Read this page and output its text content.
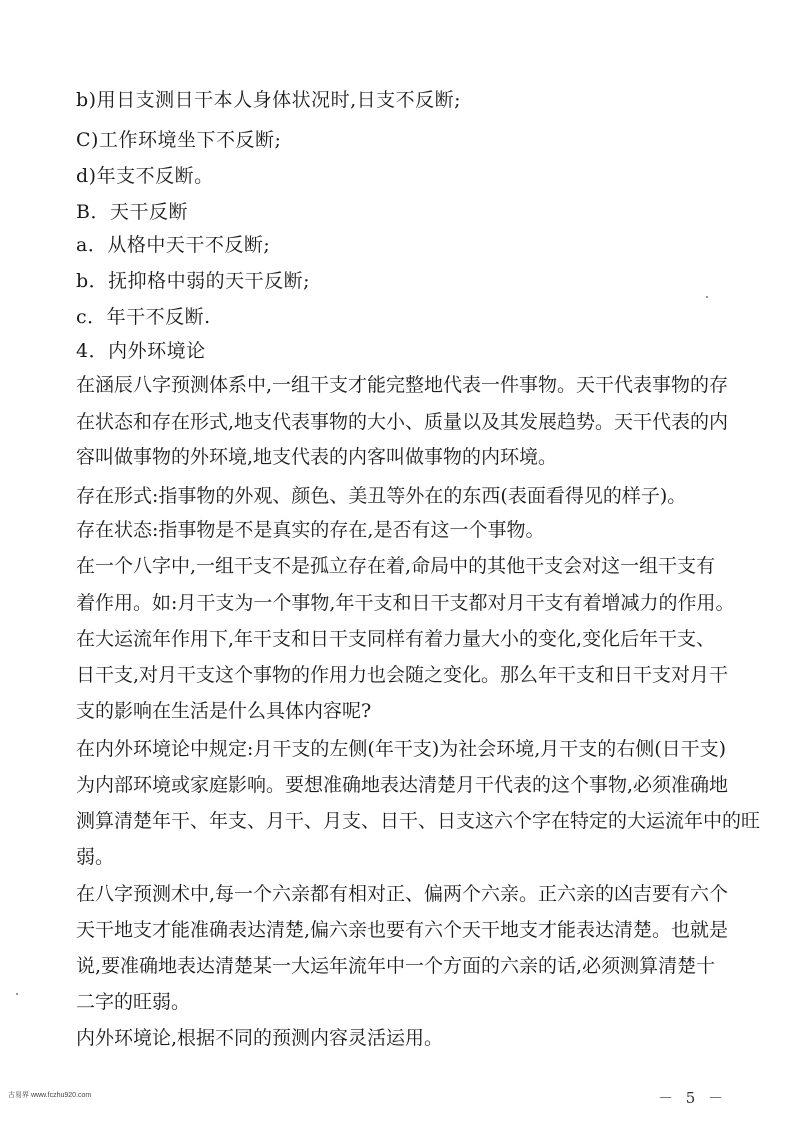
b)用日支测日干本人身体状况时,日支不反断;
C)工作环境坐下不反断;
d)年支不反断。
B．天干反断
a．从格中天干不反断;
b．抚抑格中弱的天干反断;
c．年干不反断.
4．内外环境论
在涵辰八字预测体系中,一组干支才能完整地代表一件事物。天干代表事物的存
在状态和存在形式,地支代表事物的大小、质量以及其发展趋势。天干代表的内
容叫做事物的外环境,地支代表的内客叫做事物的内环境。
存在形式:指事物的外观、颜色、美丑等外在的东西(表面看得见的样子)。
存在状态:指事物是不是真实的存在,是否有这一个事物。
在一个八字中,一组干支不是孤立存在着,命局中的其他干支会对这一组干支有
着作用。如:月干支为一个事物,年干支和日干支都对月干支有着增减力的作用。
在大运流年作用下,年干支和日干支同样有着力量大小的变化,变化后年干支、
日干支,对月干支这个事物的作用力也会随之变化。那么年干支和日干支对月干
支的影响在生活是什么具体内容呢?
在内外环境论中规定:月干支的左侧(年干支)为社会环境,月干支的右侧(日干支)
为内部环境或家庭影响。要想准确地表达清楚月干代表的这个事物,必须准确地
测算清楚年干、年支、月干、月支、日干、日支这六个字在特定的大运流年中的旺
弱。
在八字预测术中,每一个六亲都有相对正、偏两个六亲。正六亲的凶吉要有六个
天干地支才能准确表达清楚,偏六亲也要有六个天干地支才能表达清楚。也就是
说,要准确地表达清楚某一大运年流年中一个方面的六亲的话,必须测算清楚十
二字的旺弱。
内外环境论,根据不同的预测内容灵活运用。
－ 5 －
古易界 www.fczhu920.com
